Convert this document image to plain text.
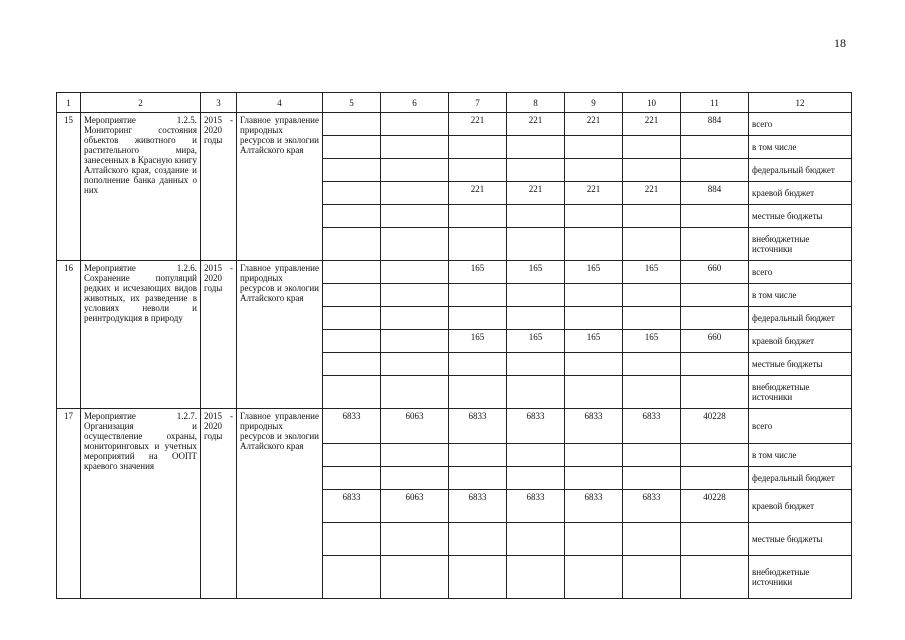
18
1	2	3	4	5	6	7	8	9	10	11	12
15	Мероприятие 1.2.5. Мониторинг состояния объектов животного и растительного мира, занесенных в Красную книгу Алтайского края, создание и пополнение банка данных о них	2015 - 2020 годы	Главное управление природных ресурсов и экологии Алтайского края			221	221	221	221	884	всего
											в том числе
											федеральный бюджет
						221	221	221	221	884	краевой бюджет
											местные бюджеты
											внебюджетные источники
16	Мероприятие 1.2.6. Сохранение популяций редких и исчезающих видов животных, их разведение в условиях неволи и реинтродукция в природу	2015 - 2020 годы	Главное управление природных ресурсов и экологии Алтайского края			165	165	165	165	660	всего
											в том числе
											федеральный бюджет
						165	165	165	165	660	краевой бюджет
											местные бюджеты
											внебюджетные источники
17	Мероприятие 1.2.7. Организация и осуществление охраны, мониторинговых и учетных мероприятий на ООПТ краевого значения	2015 - 2020 годы	Главное управление природных ресурсов и экологии Алтайского края	6833	6063	6833	6833	6833	6833	40228	всего
											в том числе
											федеральный бюджет
				6833	6063	6833	6833	6833	6833	40228	краевой бюджет
											местные бюджеты
											внебюджетные источники
